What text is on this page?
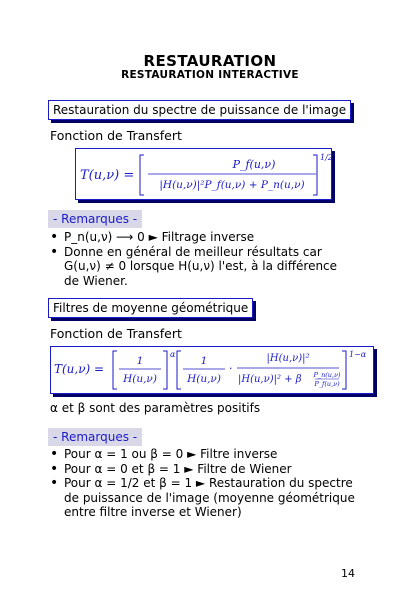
RESTAURATION
RESTAURATION INTERACTIVE
Restauration du spectre de puissance de l'image
Fonction de Transfert
T(u,ν) =
P_f(u,ν)
|H(u,ν)|²P_f(u,ν) + P_n(u,ν)
1/2
- Remarques -
• P_n(u,ν) ⟶ 0 ► Filtrage inverse
• Donne en général de meilleur résultats car G(u,ν) ≠ 0 lorsque H(u,ν) l'est, à la différence de Wiener.
Filtres de moyenne géométrique
Fonction de Transfert
T(u,ν) =
1
H(u,ν)
α
1
H(u,ν)
·
|H(u,ν)|²
|H(u,ν)|² + β P_n(u,ν)
P_f(u,ν)
1−α
α et β sont des paramètres positifs
- Remarques -
• Pour α = 1 ou β = 0 ► Filtre inverse
• Pour α = 0 et β = 1 ► Filtre de Wiener
• Pour α = 1/2 et β = 1 ► Restauration du spectre de puissance de l'image (moyenne géométrique entre filtre inverse et Wiener)
14
